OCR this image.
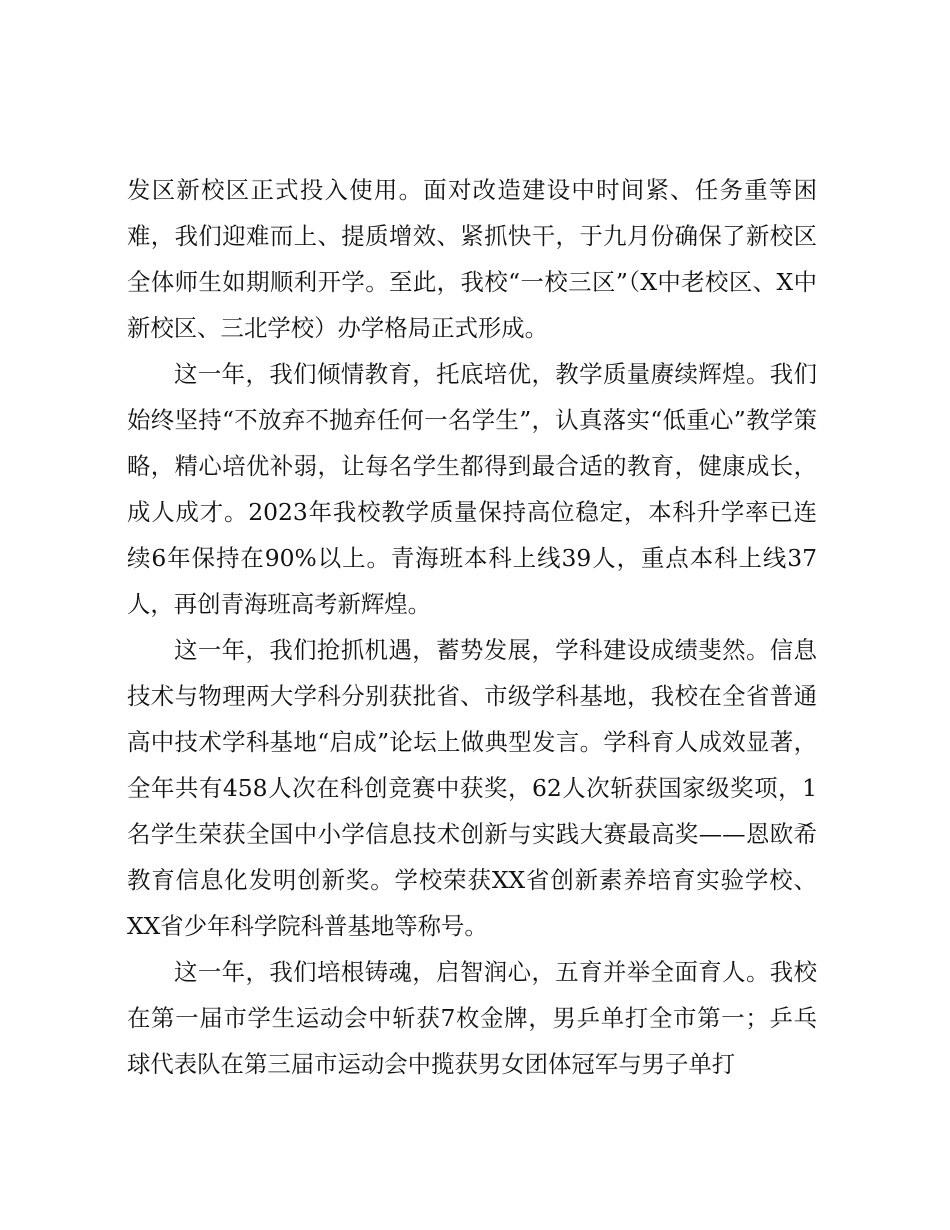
发区新校区正式投入使用。面对改造建设中时间紧、任务重等困难，我们迎难而上、提质增效、紧抓快干，于九月份确保了新校区全体师生如期顺利开学。至此，我校“一校三区”（X中老校区、X中新校区、三北学校）办学格局正式形成。

这一年，我们倾情教育，托底培优，教学质量赓续辉煌。我们始终坚持“不放弃不抛弃任何一名学生”，认真落实“低重心”教学策略，精心培优补弱，让每名学生都得到最合适的教育，健康成长，成人成才。2023年我校教学质量保持高位稳定，本科升学率已连续6年保持在90%以上。青海班本科上线39人，重点本科上线37人，再创青海班高考新辉煌。

这一年，我们抢抓机遇，蓄势发展，学科建设成绩斐然。信息技术与物理两大学科分别获批省、市级学科基地，我校在全省普通高中技术学科基地“启成”论坛上做典型发言。学科育人成效显著，全年共有458人次在科创竞赛中获奖，62人次斩获国家级奖项，1名学生荣获全国中小学信息技术创新与实践大赛最高奖——恩欧希教育信息化发明创新奖。学校荣获XX省创新素养培育实验学校、XX省少年科学院科普基地等称号。

这一年，我们培根铸魂，启智润心，五育并举全面育人。我校在第一届市学生运动会中斩获7枚金牌，男乒单打全市第一；乒乓球代表队在第三届市运动会中揽获男女团体冠军与男子单打
